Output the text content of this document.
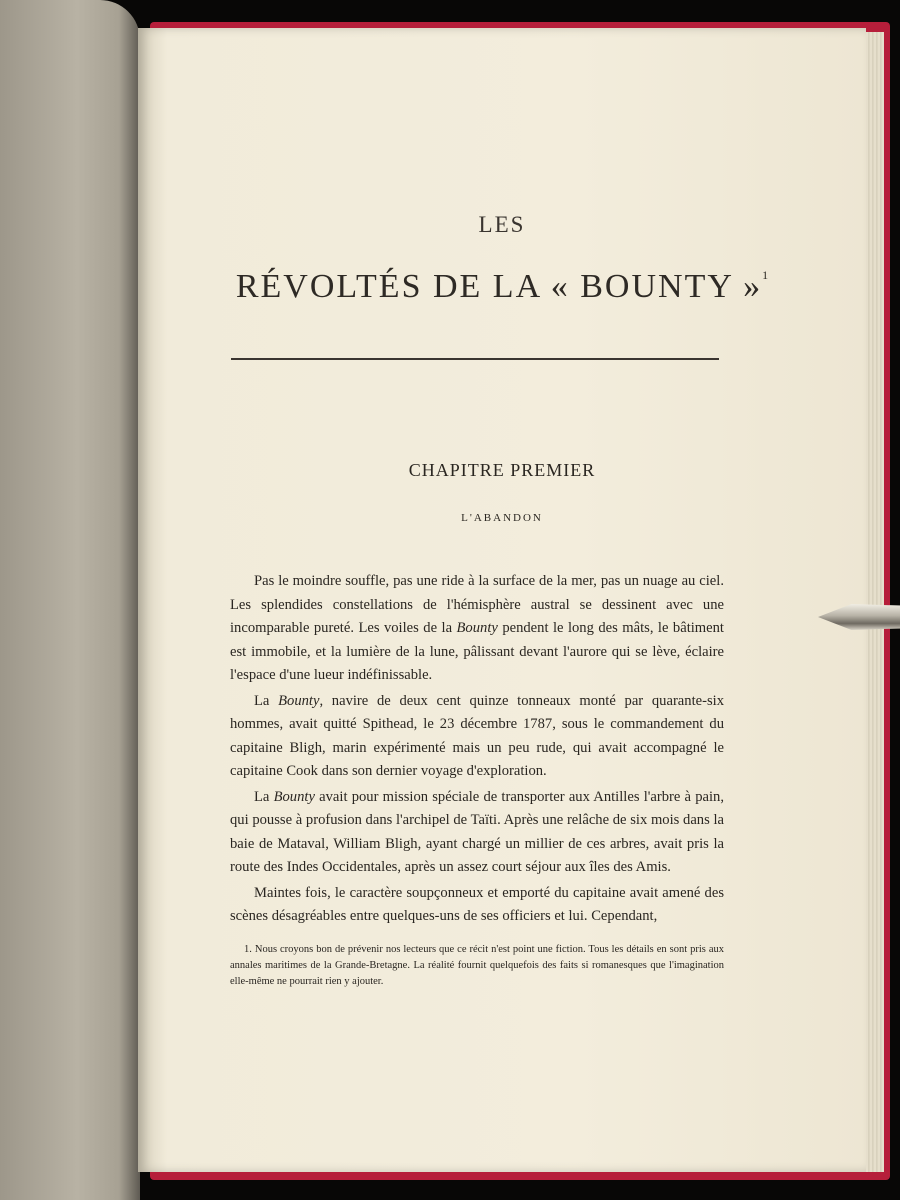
LES
RÉVOLTÉS DE LA « BOUNTY »$^1$
CHAPITRE PREMIER
L'ABANDON

Pas le moindre souffle, pas une ride à la surface de la mer, pas un nuage au ciel. Les splendides constellations de l'hémisphère austral se dessinent avec une incomparable pureté. Les voiles de la Bounty pendent le long des mâts, le bâtiment est immobile, et la lumière de la lune, pâlissant devant l'aurore qui se lève, éclaire l'espace d'une lueur indéfinissable.

La Bounty, navire de deux cent quinze tonneaux monté par quarante-six hommes, avait quitté Spithead, le 23 décembre 1787, sous le commandement du capitaine Bligh, marin expérimenté mais un peu rude, qui avait accompagné le capitaine Cook dans son dernier voyage d'exploration.

La Bounty avait pour mission spéciale de transporter aux Antilles l'arbre à pain, qui pousse à profusion dans l'archipel de Taïti. Après une relâche de six mois dans la baie de Mataval, William Bligh, ayant chargé un millier de ces arbres, avait pris la route des Indes Occidentales, après un assez court séjour aux îles des Amis.

Maintes fois, le caractère soupçonneux et emporté du capitaine avait amené des scènes désagréables entre quelques-uns de ses officiers et lui. Cependant,

1. Nous croyons bon de prévenir nos lecteurs que ce récit n'est point une fiction. Tous les détails en sont pris aux annales maritimes de la Grande-Bretagne. La réalité fournit quelquefois des faits si romanesques que l'imagination elle-même ne pourrait rien y ajouter.
